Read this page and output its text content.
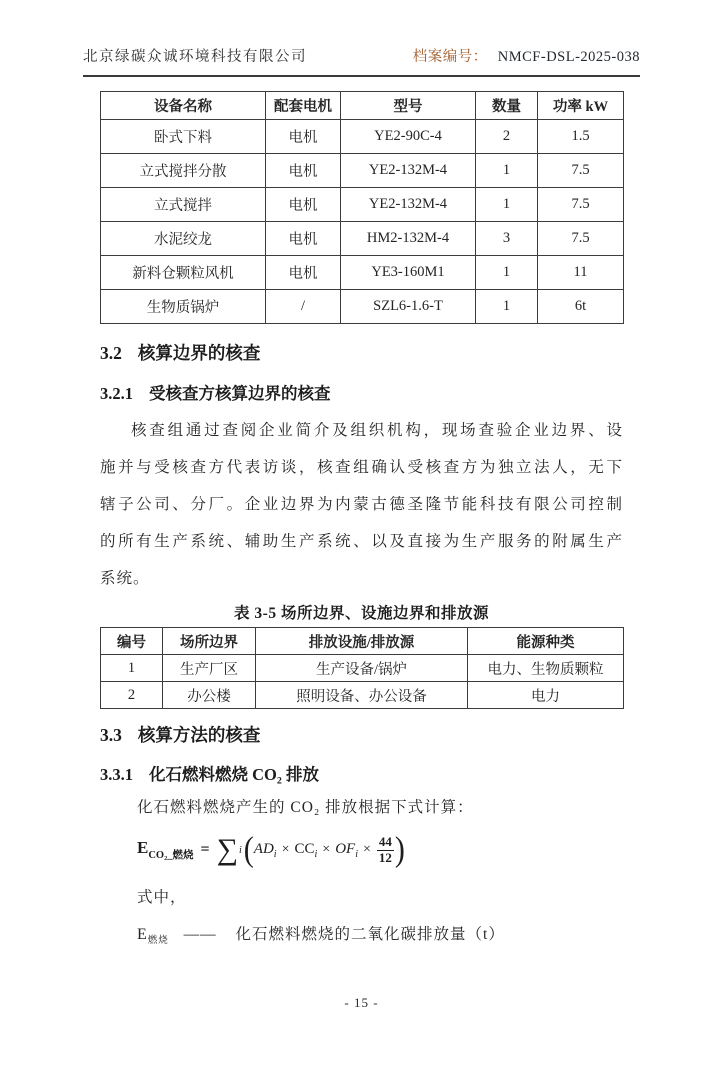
北京绿碳众诚环境科技有限公司	档案编号： NMCF-DSL-2025-038
设备名称	配套电机	型号	数量	功率 kW
卧式下料	电机	YE2-90C-4	2	1.5
立式搅拌分散	电机	YE2-132M-4	1	7.5
立式搅拌	电机	YE2-132M-4	1	7.5
水泥绞龙	电机	HM2-132M-4	3	7.5
新料仓颗粒风机	电机	YE3-160M1	1	11
生物质锅炉	/	SZL6-1.6-T	1	6t
3.2 核算边界的核查
3.2.1 受核查方核算边界的核查
核查组通过查阅企业简介及组织机构，现场查验企业边界、设
施并与受核查方代表访谈，核查组确认受核查方为独立法人，无下
辖子公司、分厂。企业边界为内蒙古德圣隆节能科技有限公司控制
的所有生产系统、辅助生产系统、以及直接为生产服务的附属生产
系统。
表 3-5 场所边界、设施边界和排放源
编号	场所边界	排放设施/排放源	能源种类
1	生产厂区	生产设备/锅炉	电力、生物质颗粒
2	办公楼	照明设备、办公设备	电力
3.3 核算方法的核查
3.3.1 化石燃料燃烧 CO₂ 排放
化石燃料燃烧产生的 CO₂ 排放根据下式计算：
$E_{CO_2\_燃烧}$ = ∑ i ( $AD_i \times CC_i \times OF_i \times \frac{44}{12}$ )
式中，
$E_{燃烧}$ —— 化石燃料燃烧的二氧化碳排放量（t）
- 15 -
